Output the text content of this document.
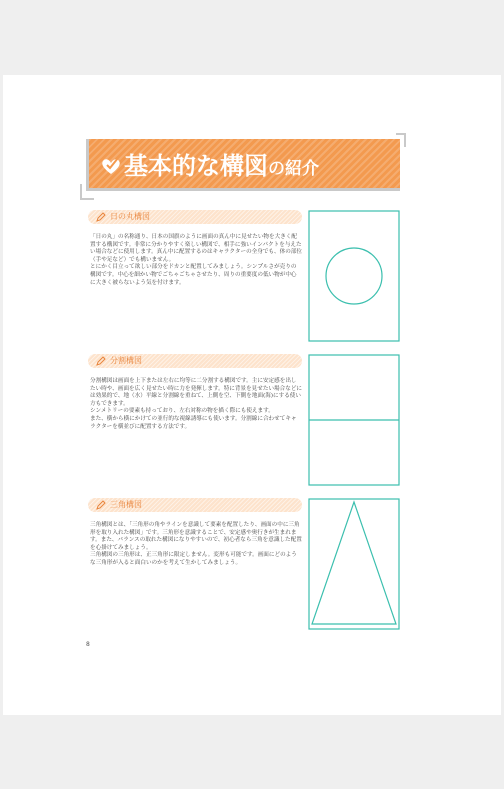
基本的な構図の紹介
日の丸構図
「日の丸」の名称通り、日本の国旗のように画面の真ん中に見せたい物を大きく配置する構図です。非常に分かりやすく楽しい構図で、相手に強いインパクトを与えたい場合などに使用します。真ん中に配置するのはキャラクターの全身でも、体の部位（手や足など）でも構いません。
とにかく目立って欲しい部分をドカンと配置してみましょう。シンプルさが売りの構図です。中心を細かい物でごちゃごちゃさせたり、周りの重要度の低い物が中心に大きく被らないよう気を付けます。
分割構図
分割構図は画面を上下または左右に均等に二分割する構図です。主に安定感を出したい時や、画面を広く見せたい時に力を発揮します。特に背景を見せたい場合などには効果的で、地（水）平線と分割線を重ねて、上側を空、下側を地面(海)にする使い方もできます。
シンメトリーの要素も持っており、左右対称の物を描く際にも使えます。
また、横から横にかけての並行的な視線誘導にも使います。分割線に合わせてキャラクターを横並びに配置する方法です。
三角構図
三角構図とは、「三角形の角やラインを意識して要素を配置したり、画面の中に三角形を取り入れた構図」です。三角形を意識することで、安定感や奥行きが生まれます。また、バランスの取れた構図になりやすいので、初心者なら三角を意識した配置を心掛けてみましょう。
三角構図の三角形は、正三角形に限定しません。変形も可能です。画面にどのような三角形が入ると面白いのかを考えて生かしてみましょう。
8
